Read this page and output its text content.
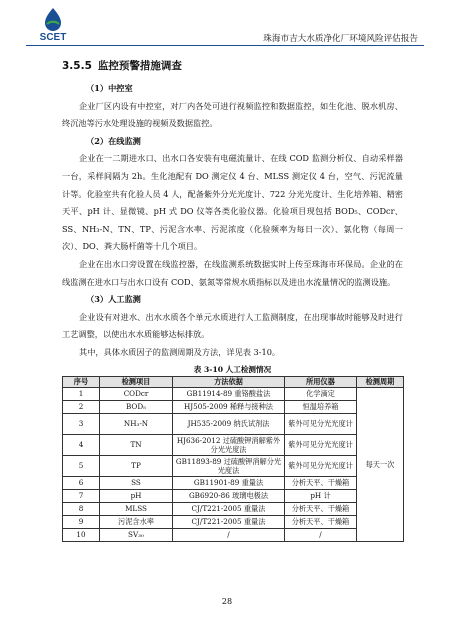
SCET	珠海市吉大水质净化厂环境风险评估报告
3.5.5 监控预警措施调查

（1）中控室

企业厂区内设有中控室，对厂内各处可进行视频监控和数据监控，如生化池、脱水机房、终沉池等污水处理设施的视频及数据监控。

（2）在线监测

企业在一二期进水口、出水口各安装有电磁流量计、在线 COD 监测分析仪、自动采样器一台，采样间隔为 2h。生化池配有 DO 测定仪 4 台、MLSS 测定仪 4 台，空气、污泥流量计等。化验室共有化验人员 4 人，配备紫外分光光度计、722 分光光度计、生化培养箱、精密天平、pH 计、显微镜、pH 式 DO 仪等各类化验仪器。化验项目现包括 BOD₅、CODcr、SS、NH₃-N、TN、TP、污泥含水率、污泥浓度（化验频率为每日一次）、氯化物（每周一次）、DO、粪大肠杆菌等十几个项目。

企业在出水口旁设置在线监控器，在线监测系统数据实时上传至珠海市环保局。企业的在线监测在进水口与出水口设有 COD、氨氮等常规水质指标以及进出水流量情况的监测设施。

（3）人工监测

企业设有对进水、出水水质各个单元水质进行人工监测制度，在出现事故时能够及时进行工艺调整，以使出水水质能够达标排放。

其中，具体水质因子的监测周期及方法，详见表 3-10。

表 3-10 人工检测情况
序号	检测项目	方法依据	所用仪器	检测周期
1	CODcr	GB11914-89 重铬酸盐法	化学滴定	每天一次
2	BOD₅	HJ505-2009 稀释与接种法	恒温培养箱	
3	NH₃-N	JH535-2009 纳氏试剂法	紫外可见分光光度计	
4	TN	HJ636-2012 过硫酸钾消解紫外分光光度法	紫外可见分光光度计	
5	TP	GB11893-89 过硫酸钾消解分光光度法	紫外可见分光光度计	
6	SS	GB11901-89 重量法	分析天平、干燥箱	
7	pH	GB6920-86 玻璃电极法	pH 计	
8	MLSS	CJ/T221-2005 重量法	分析天平、干燥箱	
9	污泥含水率	CJ/T221-2005 重量法	分析天平、干燥箱	
10	SV₃₀	/	/	
28
